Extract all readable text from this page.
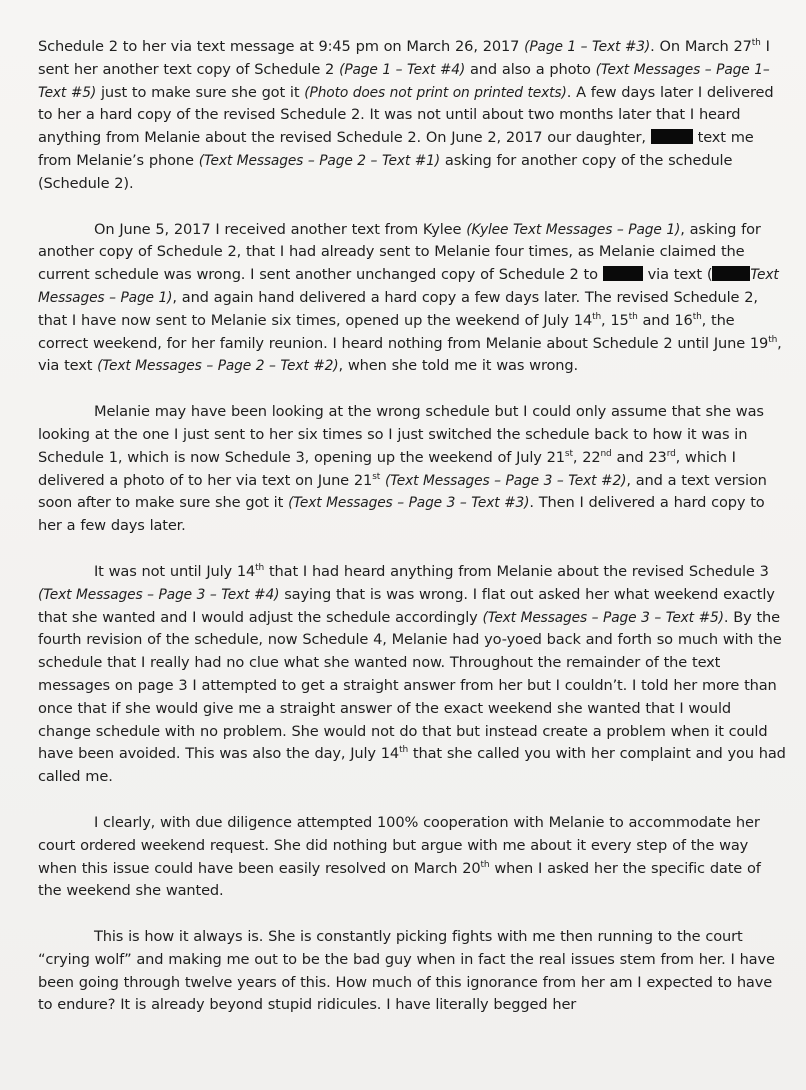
Schedule 2 to her via text message at 9:45 pm on March 26, 2017 (Page 1 – Text #3). On March 27th I sent her another text copy of Schedule 2 (Page 1 – Text #4) and also a photo (Text Messages – Page 1– Text #5) just to make sure she got it (Photo does not print on printed texts). A few days later I delivered to her a hard copy of the revised Schedule 2. It was not until about two months later that I heard anything from Melanie about the revised Schedule 2. On June 2, 2017 our daughter,	text me from Melanie’s phone (Text Messages – Page 2 – Text #1) asking for another copy of the schedule (Schedule 2).

On June 5, 2017 I received another text from Kylee (Kylee Text Messages – Page 1), asking for another copy of Schedule 2, that I had already sent to Melanie four times, as Melanie claimed the current schedule was wrong. I sent another unchanged copy of Schedule 2 to	via text (	Text Messages – Page 1), and again hand delivered a hard copy a few days later. The revised Schedule 2, that I have now sent to Melanie six times, opened up the weekend of July 14th, 15th and 16th, the correct weekend, for her family reunion. I heard nothing from Melanie about Schedule 2 until June 19th, via text (Text Messages – Page 2 – Text #2), when she told me it was wrong.

Melanie may have been looking at the wrong schedule but I could only assume that she was looking at the one I just sent to her six times so I just switched the schedule back to how it was in Schedule 1, which is now Schedule 3, opening up the weekend of July 21st, 22nd and 23rd, which I delivered a photo of to her via text on June 21st (Text Messages – Page 3 – Text #2), and a text version soon after to make sure she got it (Text Messages – Page 3 – Text #3). Then I delivered a hard copy to her a few days later.

It was not until July 14th that I had heard anything from Melanie about the revised Schedule 3 (Text Messages – Page 3 – Text #4) saying that is was wrong. I flat out asked her what weekend exactly that she wanted and I would adjust the schedule accordingly (Text Messages – Page 3 – Text #5). By the fourth revision of the schedule, now Schedule 4, Melanie had yo-yoed back and forth so much with the schedule that I really had no clue what she wanted now. Throughout the remainder of the text messages on page 3 I attempted to get a straight answer from her but I couldn’t. I told her more than once that if she would give me a straight answer of the exact weekend she wanted that I would change schedule with no problem. She would not do that but instead create a problem when it could have been avoided. This was also the day, July 14th that she called you with her complaint and you had called me.

I clearly, with due diligence attempted 100% cooperation with Melanie to accommodate her court ordered weekend request. She did nothing but argue with me about it every step of the way when this issue could have been easily resolved on March 20th when I asked her the specific date of the weekend she wanted.

This is how it always is. She is constantly picking fights with me then running to the court “crying wolf” and making me out to be the bad guy when in fact the real issues stem from her. I have been going through twelve years of this. How much of this ignorance from her am I expected to have to endure? It is already beyond stupid ridicules. I have literally begged her
